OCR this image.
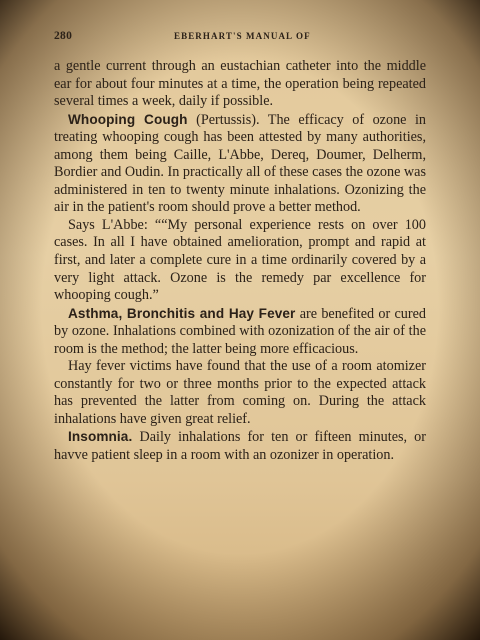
280	EBERHART'S MANUAL OF

a gentle current through an eustachian catheter into the middle ear for about four minutes at a time, the operation being repeated several times a week, daily if possible.

Whooping Cough (Pertussis). The efficacy of ozone in treating whooping cough has been attested by many authorities, among them being Caille, L'Abbe, Dereq, Doumer, Delherm, Bordier and Oudin. In practically all of these cases the ozone was administered in ten to twenty minute inhalations. Ozonizing the air in the patient's room should prove a better method.

Says L'Abbe: ““My personal experience rests on over 100 cases. In all I have obtained amelioration, prompt and rapid at first, and later a complete cure in a time ordinarily covered by a very light attack. Ozone is the remedy par excellence for whooping cough.”

Asthma, Bronchitis and Hay Fever are benefited or cured by ozone. Inhalations combined with ozonization of the air of the room is the method; the latter being more efficacious.

Hay fever victims have found that the use of a room atomizer constantly for two or three months prior to the expected attack has prevented the latter from coming on. During the attack inhalations have given great relief.

Insomnia. Daily inhalations for ten or fifteen minutes, or havve patient sleep in a room with an ozonizer in operation.
